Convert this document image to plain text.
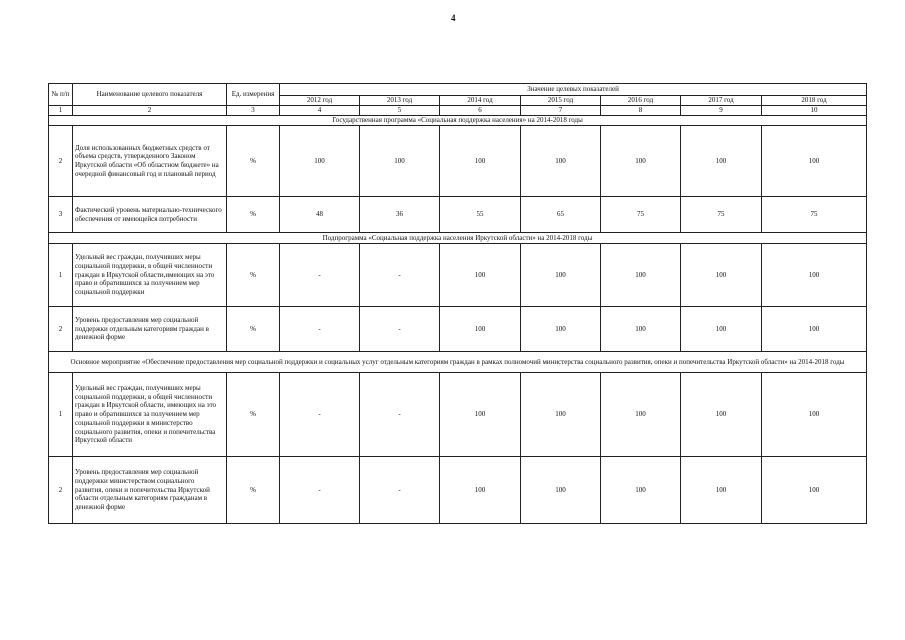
4
№ п/п	Наименование целевого показателя	Ед. измерения	Значение целевых показателей						
			2012 год	2013 год	2014 год	2015 год	2016 год	2017 год	2018 год
1	2	3	4	5	6	7	8	9	10
Государственная программа «Социальная поддержка населения» на 2014-2018 годы									
2	Доля использованных бюджетных средств от объема средств, утвержденного Законом Иркутской области «Об областном бюджете» на очередной финансовый год и плановый период	%	100	100	100	100	100	100	100
3	Фактический уровень материально-технического обеспечения от имеющейся потребности	%	48	36	55	65	75	75	75
Подпрограмма «Социальная поддержка населения Иркутской области» на 2014-2018 годы									
1	Удельный вес граждан, получивших меры социальной поддержки, в общей численности граждан в Иркутской области,имеющих на это право и обратившихся за получением мер социальной поддержки	%	-	-	100	100	100	100	100
2	Уровень предоставления мер социальной поддержки отдельным категориям граждан в денежной форме	%	-	-	100	100	100	100	100
Основное мероприятие «Обеспечение предоставления мер социальной поддержки и социальных услуг отдельным категориям граждан в рамках полномочий министерства социального развития, опеки и попечительства Иркутской области» на 2014-2018 годы									
1	Удельный вес граждан, получивших меры социальной поддержки, в общей численности граждан в Иркутской области, имеющих на это право и обратившихся за получением мер социальной поддержки в министерство социального развития, опеки и попечительства Иркутской области	%	-	-	100	100	100	100	100
2	Уровень предоставления мер социальной поддержки министерством социального развития, опеки и попечительства Иркутской области отдельным категориям гражданам в денежной форме	%	-	-	100	100	100	100	100
